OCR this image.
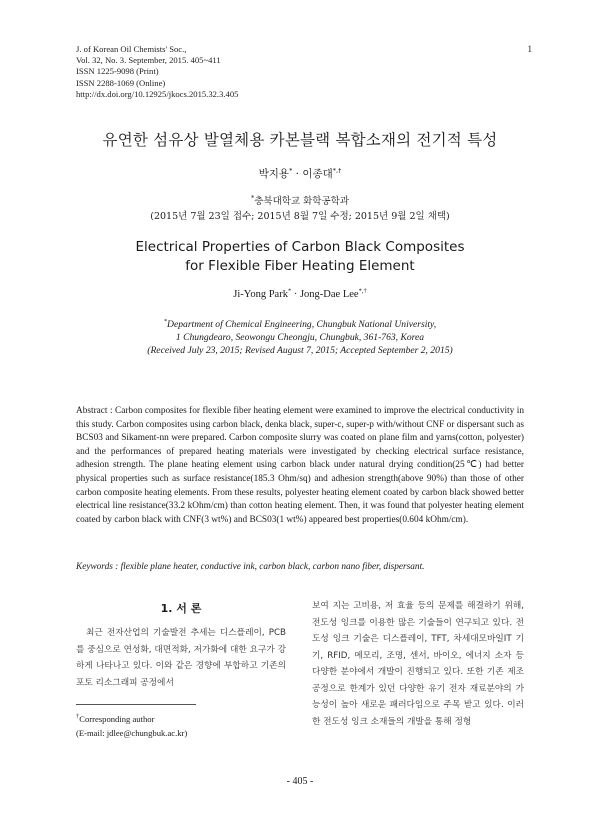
J. of Korean Oil Chemists' Soc.,
Vol. 32, No. 3. September, 2015. 405~411
ISSN 1225-9098 (Print)
ISSN 2288-1069 (Online)
http://dx.doi.org/10.12925/jkocs.2015.32.3.405
1
유연한 섬유상 발열체용 카본블랙 복합소재의 전기적 특성
박지용* · 이종대*,†
*충북대학교 화학공학과
(2015년 7월 23일 접수; 2015년 8월 7일 수정; 2015년 9월 2일 채택)
Electrical Properties of Carbon Black Composites
for Flexible Fiber Heating Element
Ji-Yong Park* · Jong-Dae Lee*,†
*Department of Chemical Engineering, Chungbuk National University,
1 Chungdearo, Seowongu Cheongju, Chungbuk, 361-763, Korea
(Received July 23, 2015; Revised August 7, 2015; Accepted September 2, 2015)
Abstract : Carbon composites for flexible fiber heating element were examined to improve the electrical conductivity in this study. Carbon composites using carbon black, denka black, super-c, super-p with/without CNF or dispersant such as BCS03 and Sikament-nn were prepared. Carbon composite slurry was coated on plane film and yarns(cotton, polyester) and the performances of prepared heating materials were investigated by checking electrical surface resistance, adhesion strength. The plane heating element using carbon black under natural drying condition(25℃) had better physical properties such as surface resistance(185.3 Ohm/sq) and adhesion strength(above 90%) than those of other carbon composite heating elements. From these results, polyester heating element coated by carbon black showed better electrical line resistance(33.2 kOhm/cm) than cotton heating element. Then, it was found that polyester heating element coated by carbon black with CNF(3 wt%) and BCS03(1 wt%) appeared best properties(0.604 kOhm/cm).
Keywords : flexible plane heater, conductive ink, carbon black, carbon nano fiber, dispersant.
1. 서 론

최근 전자산업의 기술발전 추세는 디스플레이, PCB를 중심으로 연성화, 대면적화, 저가화에 대한 요구가 강하게 나타나고 있다. 이와 같은 경향에 부합하고 기존의 포토 리소그래피 공정에서

보여 지는 고비용, 저 효율 등의 문제를 해결하기 위해, 전도성 잉크를 이용한 많은 기술들이 연구되고 있다. 전도성 잉크 기술은 디스플레이, TFT, 차세대모바일IT 기기, RFID, 메모리, 조명, 센서, 바이오, 에너지 소자 등 다양한 분야에서 개발이 진행되고 있다. 또한 기존 제조공정으로 한계가 있던 다양한 유기 전자 재료분야의 가능성이 높아 새로운 패러다임으로 주목 받고 있다. 이러한 전도성 잉크 소재들의 개발을 통해 정형

†Corresponding author
(E-mail: jdlee@chungbuk.ac.kr)
- 405 -
